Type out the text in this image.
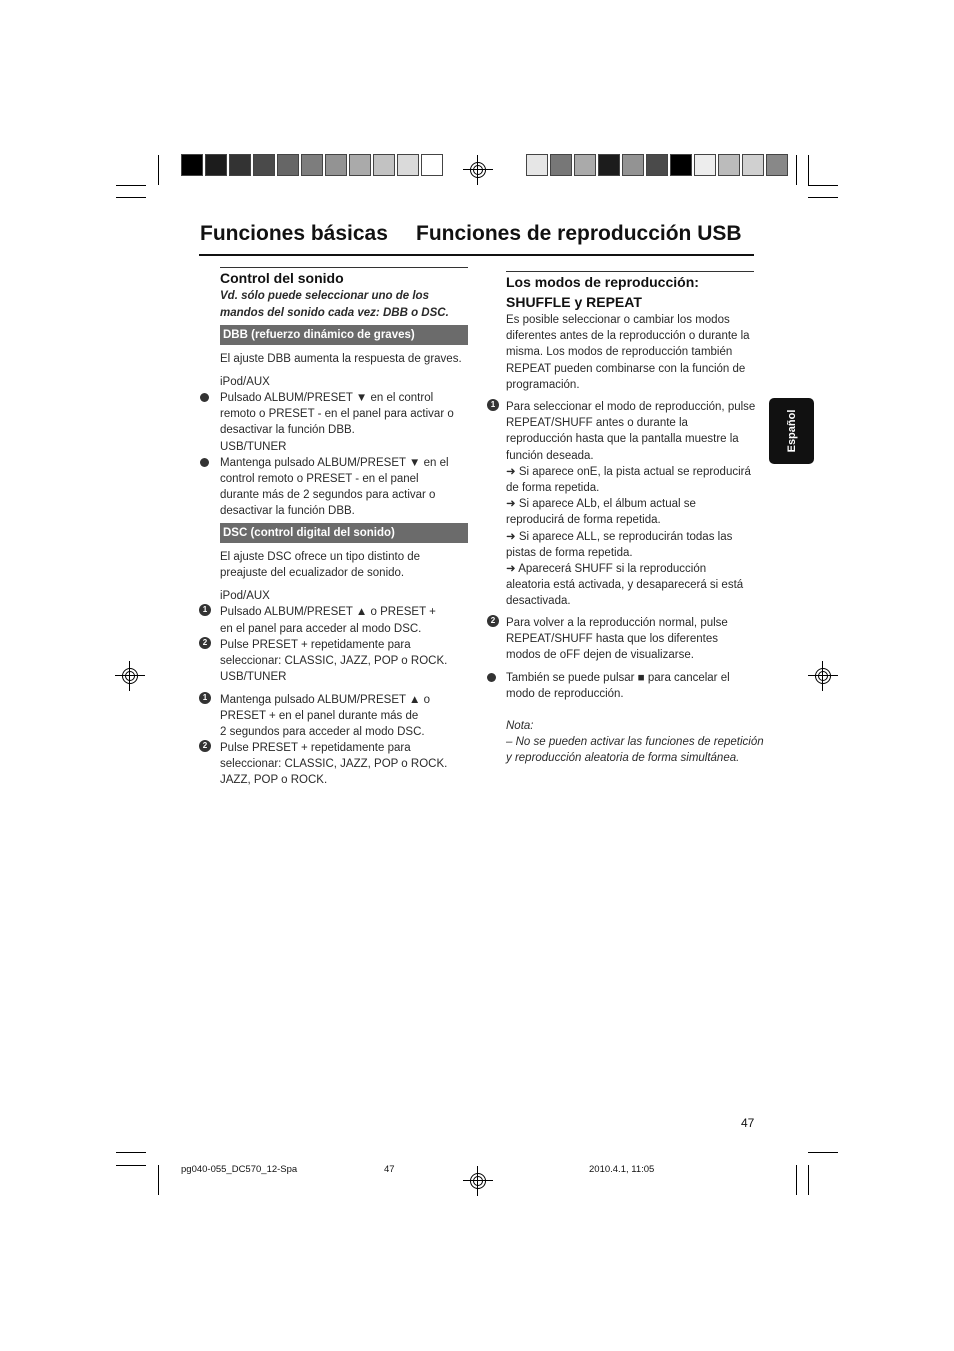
Funciones básicas Funciones de reproducción USB
Control del sonido
Vd. sólo puede seleccionar uno de los
mandos del sonido cada vez: DBB o DSC.
DBB (refuerzo dinámico de graves)
El ajuste DBB aumenta la respuesta de graves.
iPod/AUX
Pulsado ALBUM/PRESET ▼ en el control
remoto o PRESET - en el panel para activar o
desactivar la función DBB.
USB/TUNER
Mantenga pulsado ALBUM/PRESET ▼ en el
control remoto o PRESET - en el panel
durante más de 2 segundos para activar o
desactivar la función DBB.
DSC (control digital del sonido)
El ajuste DSC ofrece un tipo distinto de
preajuste del ecualizador de sonido.
iPod/AUX
1	Pulsado ALBUM/PRESET ▲ o PRESET +
en el panel para acceder al modo DSC.
2	Pulse PRESET + repetidamente para
seleccionar: CLASSIC, JAZZ, POP o ROCK.
USB/TUNER
1	Mantenga pulsado ALBUM/PRESET ▲ o
PRESET + en el panel durante más de
2 segundos para acceder al modo DSC.
2	Pulse PRESET + repetidamente para
seleccionar: CLASSIC, JAZZ, POP o ROCK.
JAZZ, POP o ROCK.
Los modos de reproducción:
SHUFFLE y REPEAT
Es posible seleccionar o cambiar los modos
diferentes antes de la reproducción o durante la
misma. Los modos de reproducción también
REPEAT pueden combinarse con la función de
programación.
1 Para seleccionar el modo de reproducción, pulse
REPEAT/SHUFF antes o durante la
reproducción hasta que la pantalla muestre la
función deseada.
➜ Si aparece onE, la pista actual se reproducirá
de forma repetida.
➜ Si aparece ALb, el álbum actual se
reproducirá de forma repetida.
➜ Si aparece ALL, se reproducirán todas las
pistas de forma repetida.
➜ Aparecerá SHUFF si la reproducción
aleatoria está activada, y desaparecerá si está
desactivada.
2 Para volver a la reproducción normal, pulse
REPEAT/SHUFF hasta que los diferentes
modos de oFF dejen de visualizarse.
También se puede pulsar ■ para cancelar el
modo de reproducción.
Nota:
– No se pueden activar las funciones de repetición
y reproducción aleatoria de forma simultánea.
Español
47
pg040-055_DC570_12-Spa	47	2010.4.1, 11:05
